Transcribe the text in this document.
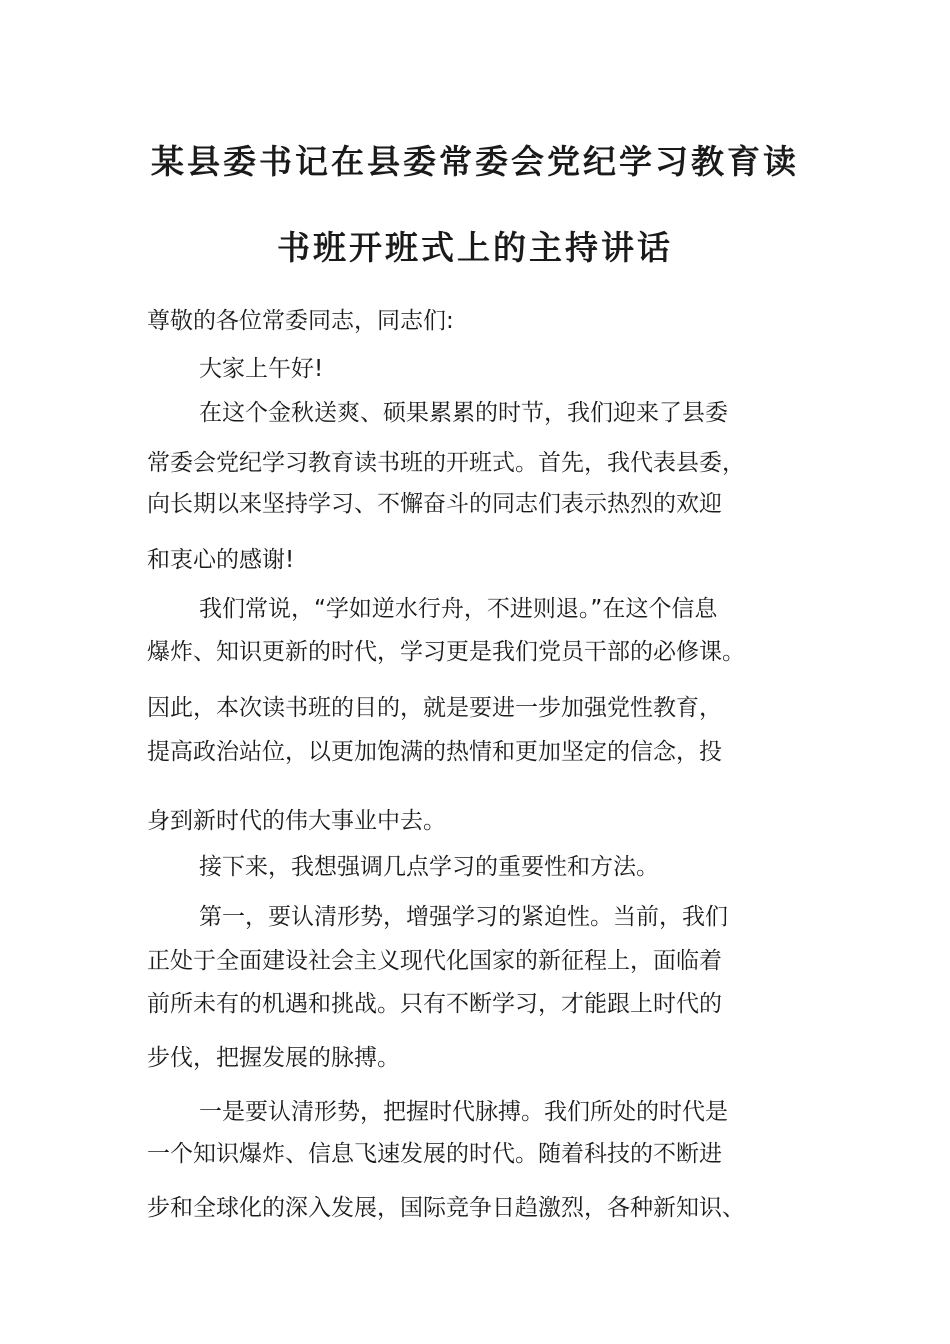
某县委书记在县委常委会党纪学习教育读
书班开班式上的主持讲话
尊敬的各位常委同志，同志们:
大家上午好!
在这个金秋送爽、硕果累累的时节，我们迎来了县委
常委会党纪学习教育读书班的开班式。首先，我代表县委，
向长期以来坚持学习、不懈奋斗的同志们表示热烈的欢迎
和衷心的感谢!
我们常说，“学如逆水行舟，不进则退。”在这个信息
爆炸、知识更新的时代，学习更是我们党员干部的必修课。
因此，本次读书班的目的，就是要进一步加强党性教育，
提高政治站位，以更加饱满的热情和更加坚定的信念，投
身到新时代的伟大事业中去。
接下来，我想强调几点学习的重要性和方法。
第一，要认清形势，增强学习的紧迫性。当前，我们
正处于全面建设社会主义现代化国家的新征程上，面临着
前所未有的机遇和挑战。只有不断学习，才能跟上时代的
步伐，把握发展的脉搏。
一是要认清形势，把握时代脉搏。我们所处的时代是
一个知识爆炸、信息飞速发展的时代。随着科技的不断进
步和全球化的深入发展，国际竞争日趋激烈，各种新知识、
